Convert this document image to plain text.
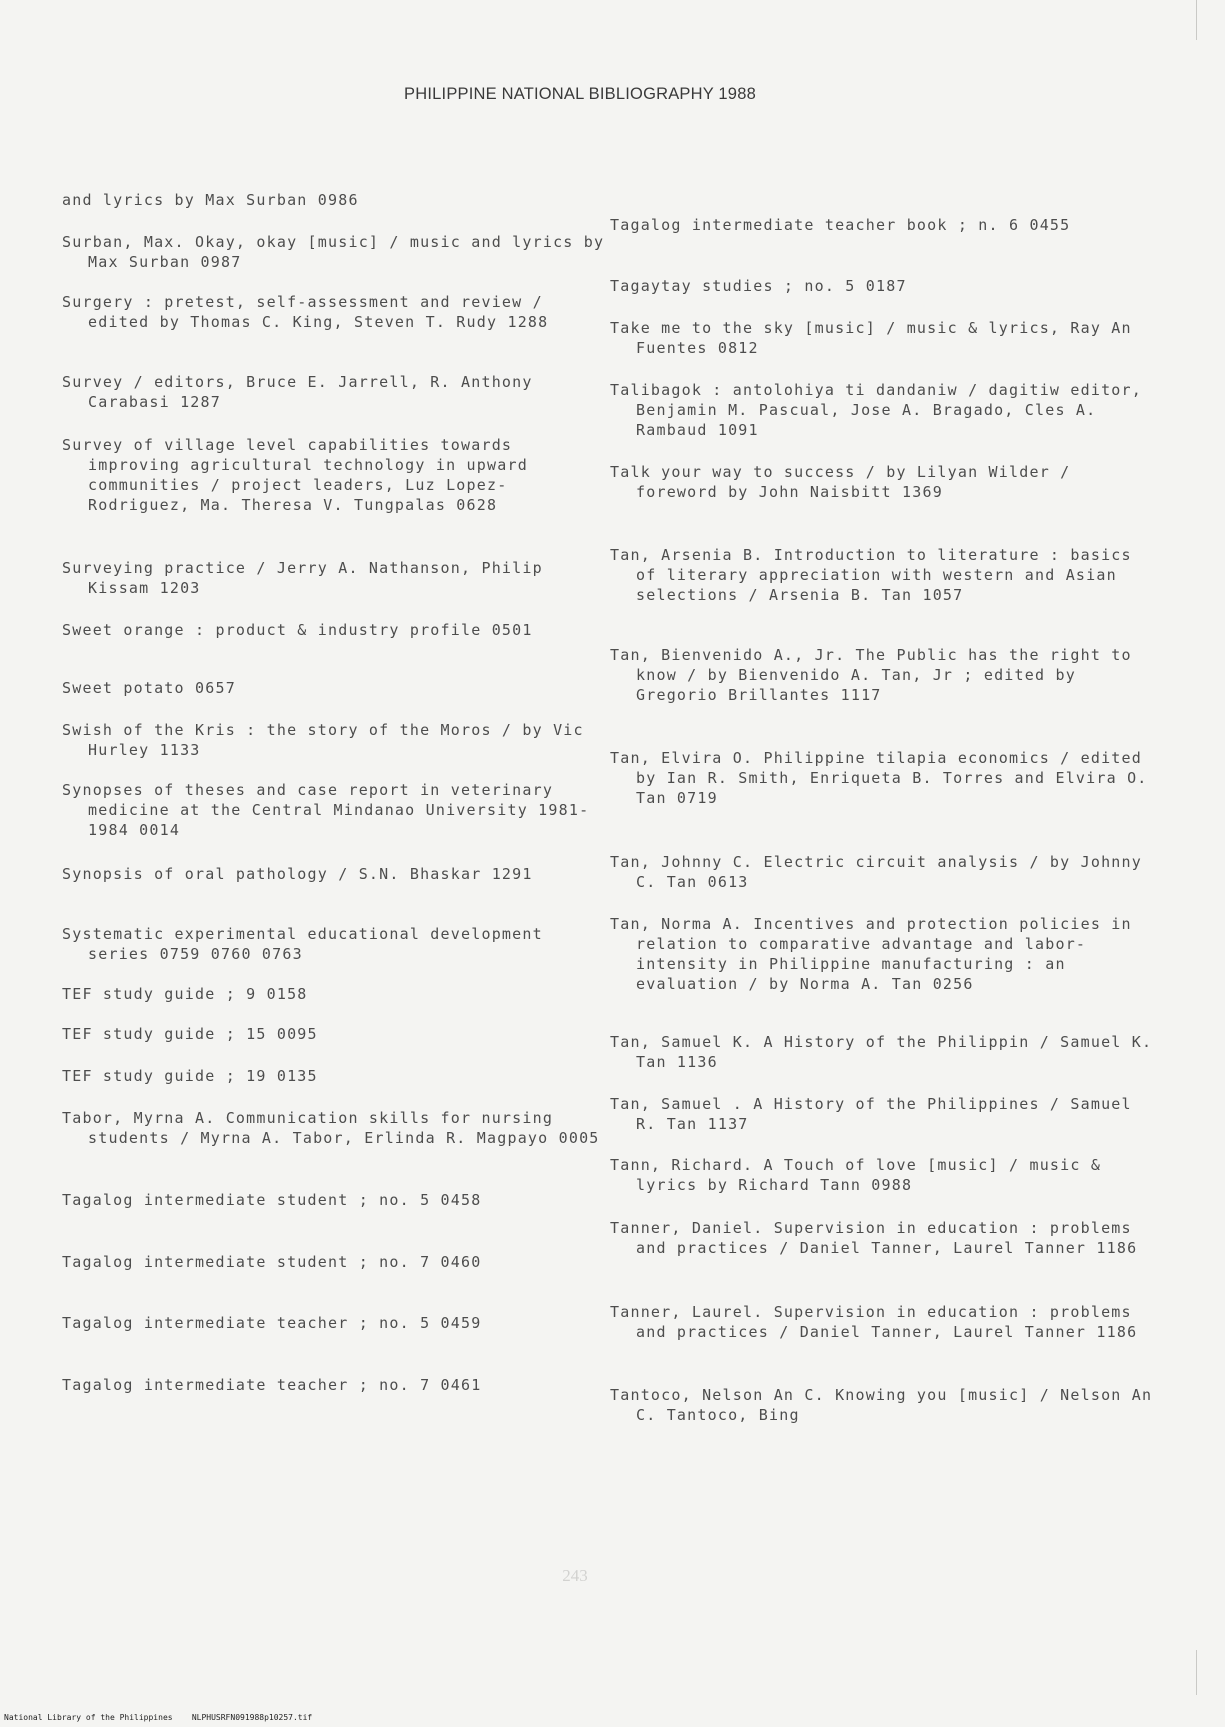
PHILIPPINE NATIONAL BIBLIOGRAPHY 1988
and lyrics by Max Surban 0986
Surban, Max. Okay, okay [music] / music and lyrics by Max Surban 0987
Surgery : pretest, self-assessment and review / edited by Thomas C. King, Steven T. Rudy 1288
Survey / editors, Bruce E. Jarrell, R. Anthony Carabasi 1287
Survey of village level capabilities towards improving agricultural technology in upward communities / project leaders, Luz Lopez-Rodriguez, Ma. Theresa V. Tungpalas 0628
Surveying practice / Jerry A. Nathanson, Philip Kissam 1203
Sweet orange : product & industry profile 0501
Sweet potato 0657
Swish of the Kris : the story of the Moros / by Vic Hurley 1133
Synopses of theses and case report in veterinary medicine at the Central Mindanao University 1981- 1984 0014
Synopsis of oral pathology / S.N. Bhaskar 1291
Systematic experimental educational development series 0759 0760 0763
TEF study guide ; 9 0158
TEF study guide ; 15 0095
TEF study guide ; 19 0135
Tabor, Myrna A. Communication skills for nursing students / Myrna A. Tabor, Erlinda R. Magpayo 0005
Tagalog intermediate student ; no. 5 0458
Tagalog intermediate student ; no. 7 0460
Tagalog intermediate teacher ; no. 5 0459
Tagalog intermediate teacher ; no. 7 0461
Tagalog intermediate teacher book ; n. 6 0455
Tagaytay studies ; no. 5 0187
Take me to the sky [music] / music & lyrics, Ray An Fuentes 0812
Talibagok : antolohiya ti dandaniw / dagitiw editor, Benjamin M. Pascual, Jose A. Bragado, Cles A. Rambaud 1091
Talk your way to success / by Lilyan Wilder / foreword by John Naisbitt 1369
Tan, Arsenia B. Introduction to literature : basics of literary appreciation with western and Asian selections / Arsenia B. Tan 1057
Tan, Bienvenido A., Jr. The Public has the right to know / by Bienvenido A. Tan, Jr ; edited by Gregorio Brillantes 1117
Tan, Elvira O. Philippine tilapia economics / edited by Ian R. Smith, Enriqueta B. Torres and Elvira O. Tan 0719
Tan, Johnny C. Electric circuit analysis / by Johnny C. Tan 0613
Tan, Norma A. Incentives and protection policies in relation to comparative advantage and labor-intensity in Philippine manufacturing : an evaluation / by Norma A. Tan 0256
Tan, Samuel K. A History of the Philippin / Samuel K. Tan 1136
Tan, Samuel . A History of the Philippines / Samuel R. Tan 1137
Tann, Richard. A Touch of love [music] / music & lyrics by Richard Tann 0988
Tanner, Daniel. Supervision in education : problems and practices / Daniel Tanner, Laurel Tanner 1186
Tanner, Laurel. Supervision in education : problems and practices / Daniel Tanner, Laurel Tanner 1186
Tantoco, Nelson An C. Knowing you [music] / Nelson An C. Tantoco, Bing
243
National Library of the Philippines    NLPHUSRFN091988p10257.tif
